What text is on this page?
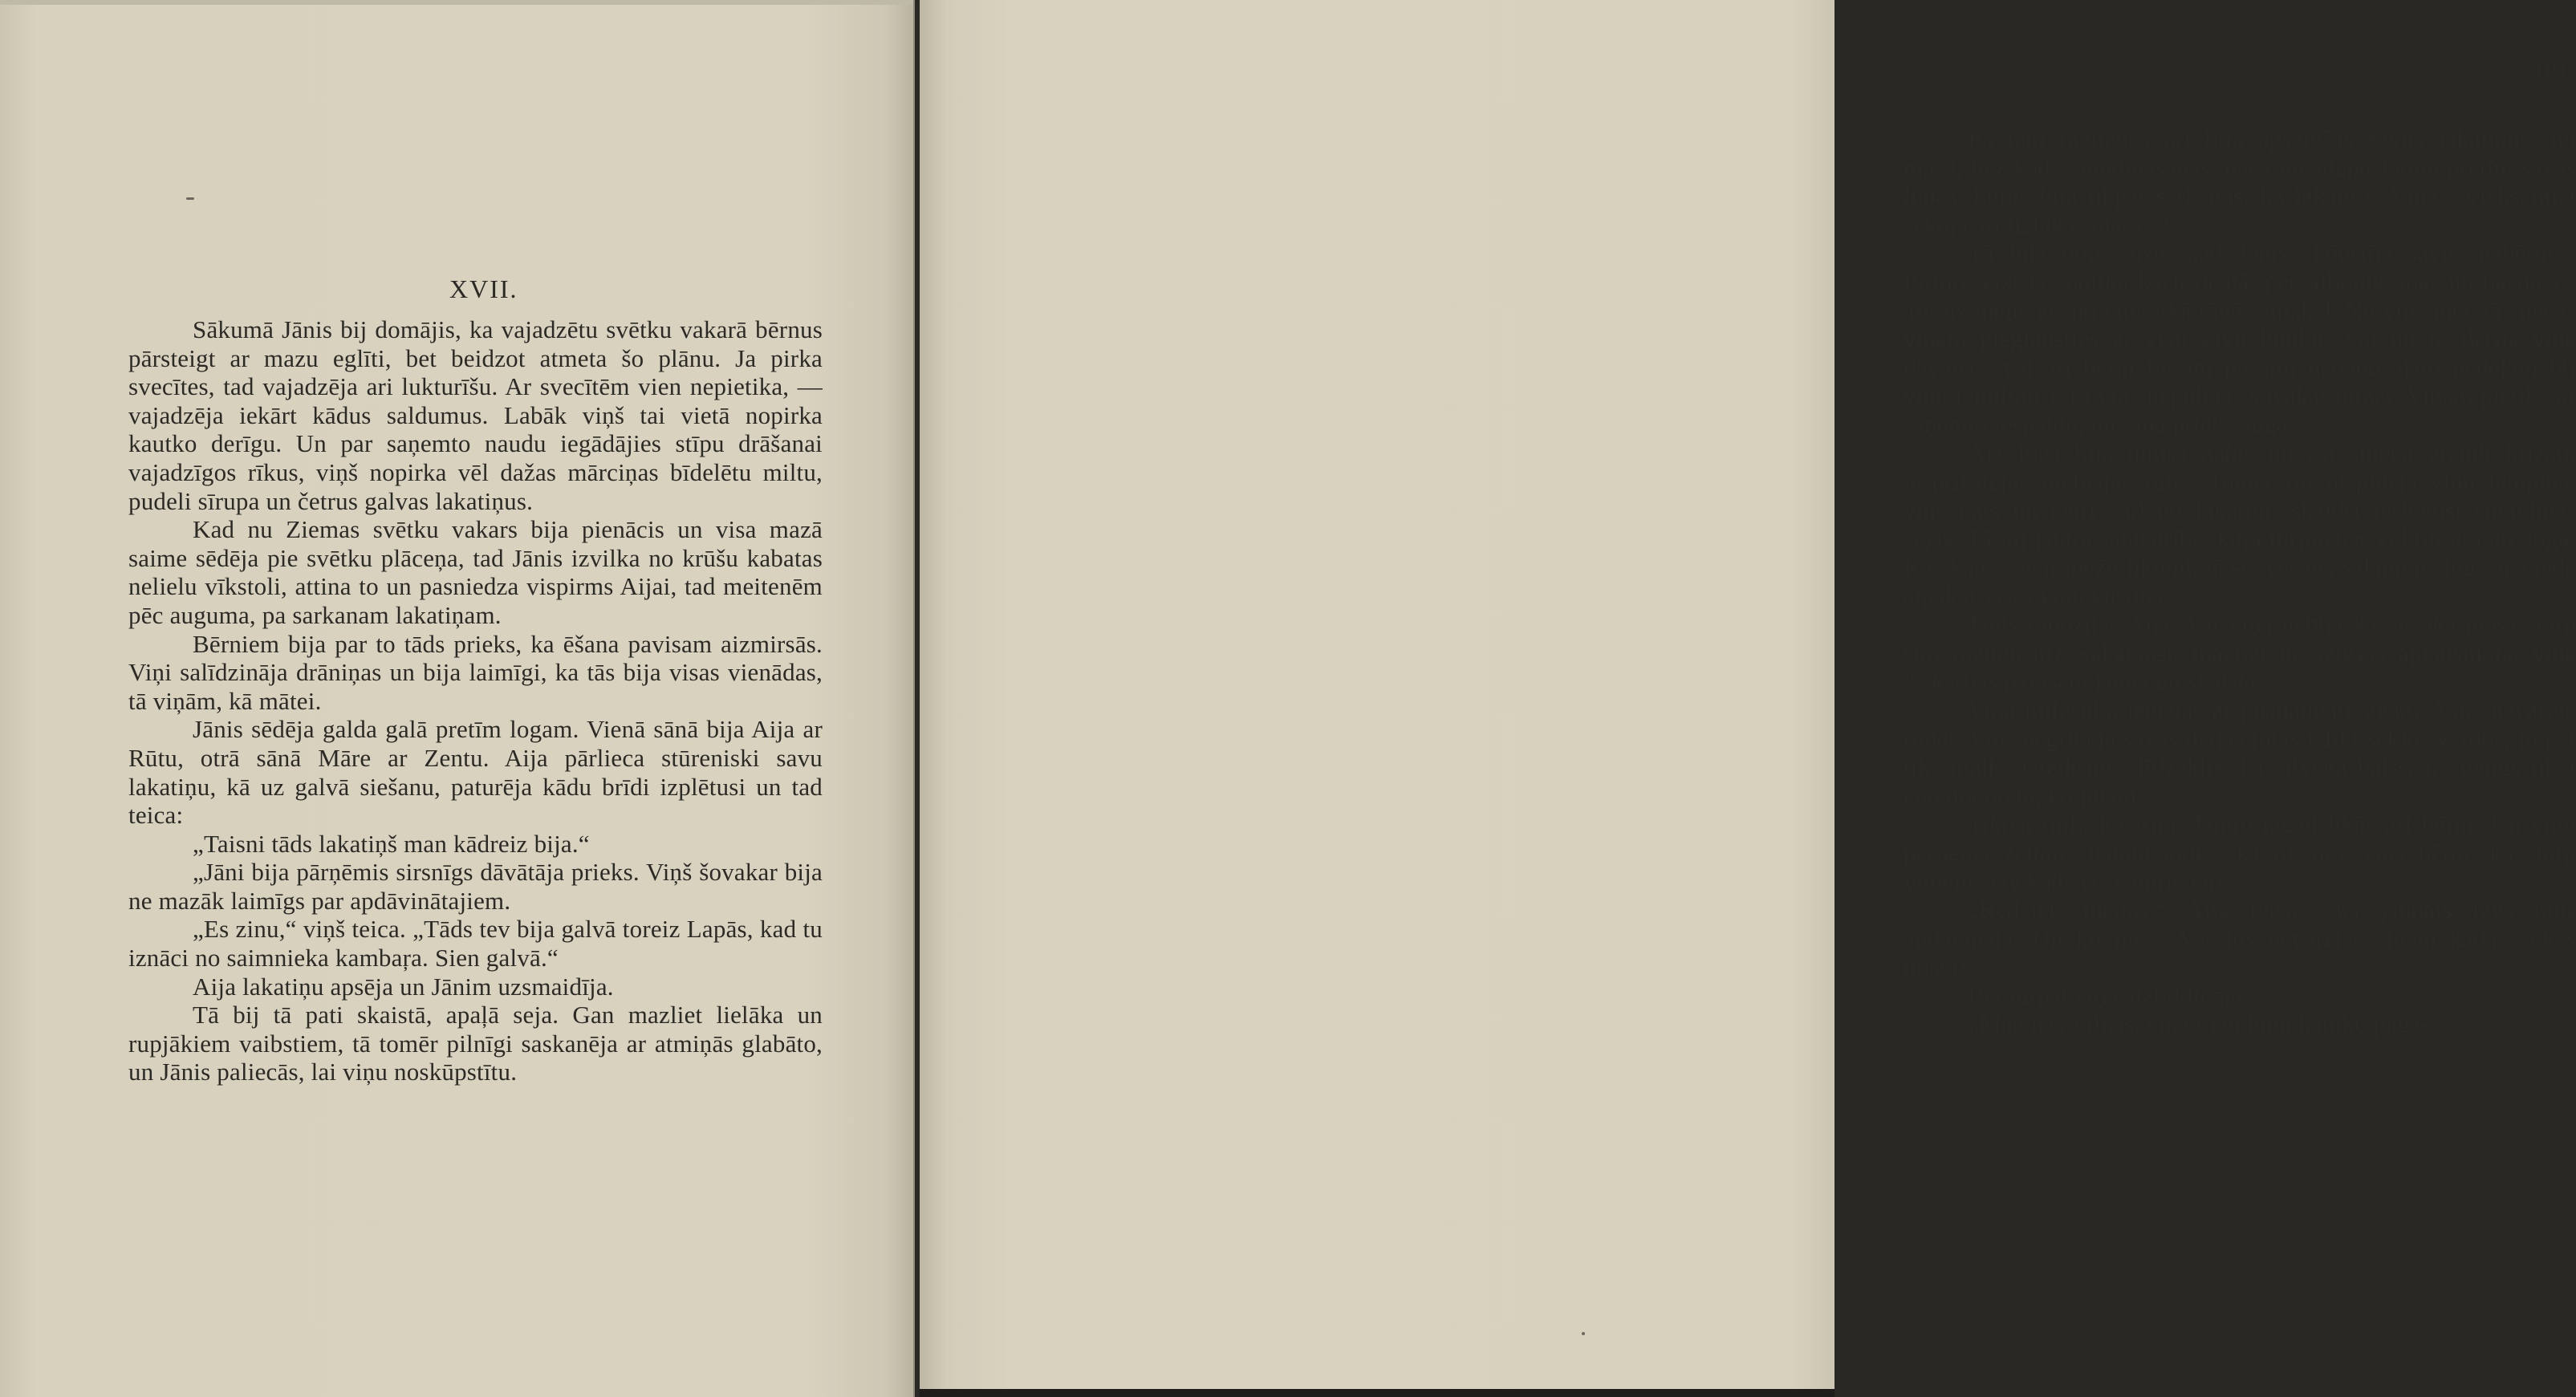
XVII.

Sākumā Jānis bij domājis, ka vajadzētu svētku vakarā bērnus pārsteigt ar mazu eglīti, bet beidzot atmeta šo plānu. Ja pirka svecītes, tad vajadzēja ari lukturīšu. Ar svecītēm vien nepietika, — vajadzēja iekārt kādus saldumus. Labāk viņš tai vietā nopirka kautko derīgu. Un par saņemto naudu iegādājies stīpu drāšanai vajadzīgos rīkus, viņš nopirka vēl dažas mārciņas bīdelētu miltu, pudeli sīrupa un četrus galvas lakatiņus.

Kad nu Ziemas svētku vakars bija pienācis un visa mazā saime sēdēja pie svētku plāceņa, tad Jānis izvilka no krūšu kabatas nelielu vīkstoli, attina to un pasniedza vispirms Aijai, tad meitenēm pēc auguma, pa sarkanam lakatiņam.

Bērniem bija par to tāds prieks, ka ēšana pavisam aizmirsās. Viņi salīdzināja drāniņas un bija laimīgi, ka tās bija visas vienādas, tā viņām, kā mātei.

Jānis sēdēja galda galā pretīm logam. Vienā sānā bija Aija ar Rūtu, otrā sānā Māre ar Zentu. Aija pārliecа stūreniski savu lakatiņu, kā uz galvā siešanu, paturēja kādu brīdi izplētusi un tad teica:

„Taisni tāds lakatiņš man kādreiz bija.“

„Jāni bija pārņēmis sirsnīgs dāvātāja prieks. Viņš šovakar bija ne mazāk laimīgs par apdāvinātajiem.

„Es zinu,“ viņš teica. „Tāds tev bija galvā toreiz Lapās, kad tu iznāci no saimnieka kambaŗa. Sien galvā.“

Aija lakatiņu apsēja un Jānim uzsmaidīja.

Tā bij tā pati skaistā, apaļā seja. Gan mazliet lielāka un rupjākiem vaibstiem, tā tomēr pilnīgi saskanēja ar atmiņās glabāto, un Jānis paliecās, lai viņu noskūpstītu.

101

Pa tam meitenes ari bija apsējušas savus lakatiņus, un mazā, bez kādas mudināšanas, nāca un stiepa Jānim pretīm savas lūpas, kuŗas bija tikpat sarkanas, kā lakatiņš. Viņas priekšzīmei sekoja ari lielākās māsas.“

Tā bija otra reize, kad Jānis skūpstīja savus pabērņus. Pirmo reizi tas notika kāzu dienā, pēc atbraukšanas no baznīcas. Toreiz meitenes no viņa itkā rāvās atpakaļ. Nu viņš juta, tās tiecās viņam pieglausties ar visu savu būtību. Vai nu to darīja viņa dāvanas, vai ari bērni tiešām pa šīm nedaudzajām nedēļām bij viņu iemīļojuši, to viņš nepūlejās šovakar minēt. Viņam pietika ar saņemto iespaidu, un viņa prieks auga.

Aiz loga bija tumša nakts un asi sniega graudi brīžam iesprikstējās melnajās rūtīs. Tomēr tur atspīdēja viņu lampiņa, viņš pats un četri sarkani lakatiņi, skaidri ieslēguši smaidīgās sejas. Tā bij jautra sabiedrība, kuŗa turpinājās vēl tur ārā aiz loga. Kā skaņas atsit mežu līkumi, tā šis vecais, salāpītais logs atsvieda atpakaļ visas viņu kustības.

Jānis raudzījās Aijā. Vai viņa nebija kā vecākā māsa starp šīm meitenēm? Sakarsusi, mazliet no augšas apgaismota, viņa izskatījās pavisam jauna un skaista.

Viņa mīlestība iedegās ar pirmatnēju spēku. Viņš nevarēja runāt. Viņš negribēja savas dziļās jūtas izlikt seklos vārdos; jo pat tik smalks izteiksmes līdzeklis, kā cilvēka balss, ir spējīgs tikai ēnu dot no tā, ko jūtam.

Tikpat mīļi, kā Aija, Jānim tagad likās ari bērni. Un viņu pārņēma žēlums iedomājoties, ka tie nav viņa bērni, ka starp viņiem stāv kāds vecs miris virs.

„Redziet, meitas,“ Aija teica, „kā jaunais tēvs mūs apdāvināja. Un ko mēs? Vai jūs nevarējāt viņam kādas zeķes noadīt?“

Bet turpat viņa aizbildinājās:

„Man nav vilnas, citādi jau būtu kautko pagā-
